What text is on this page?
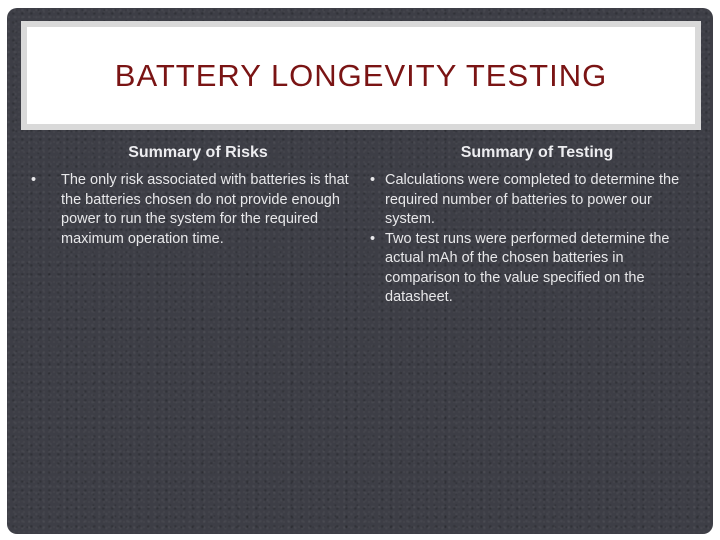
BATTERY LONGEVITY TESTING
Summary of Risks
• The only risk associated with batteries is that the batteries chosen do not provide enough power to run the system for the required maximum operation time.
Summary of Testing
• Calculations were completed to determine the required number of batteries to power our system.
• Two test runs were performed determine the actual mAh of the chosen batteries in comparison to the value specified on the datasheet.
